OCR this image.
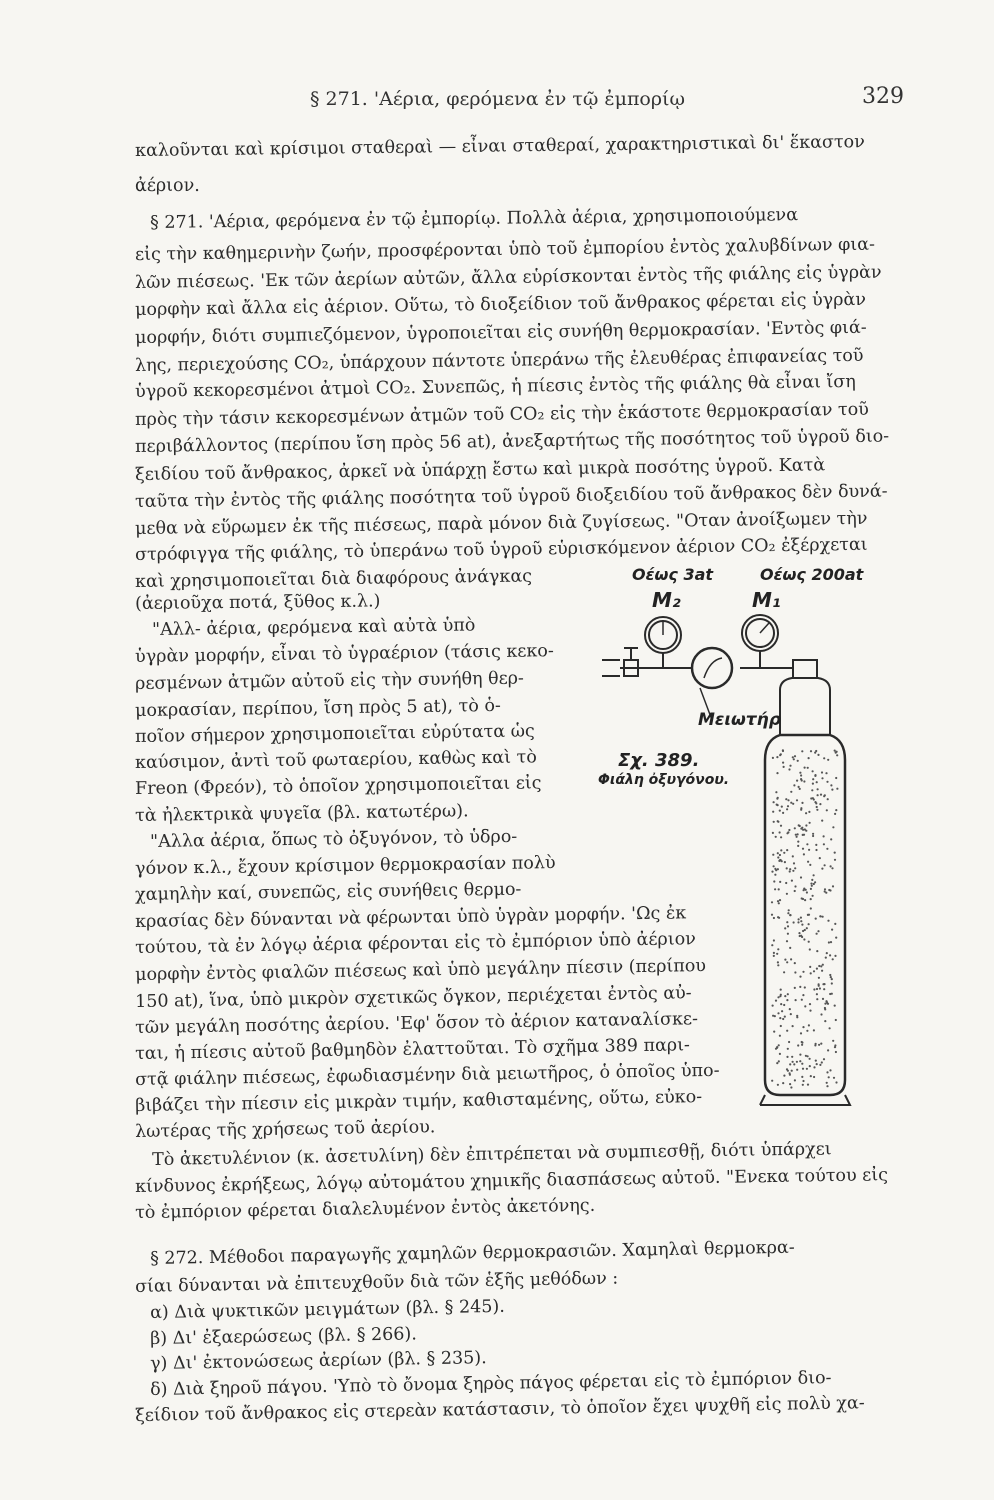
§ 271. 'Αέρια, φερόμενα ἐν τῷ ἐμπορίῳ	329
καλοῦνται καὶ κρίσιμοι σταθεραὶ — εἶναι σταθεραί, χαρακτηριστικαὶ δι' ἕκαστον
ἀέριον.
§ 271. 'Αέρια, φερόμενα ἐν τῷ ἐμπορίῳ. Πολλὰ ἀέρια, χρησιμοποιούμενα
εἰς τὴν καθημερινὴν ζωήν, προσφέρονται ὑπὸ τοῦ ἐμπορίου ἐντὸς χαλυβδίνων φια-
λῶν πιέσεως. 'Εκ τῶν ἀερίων αὐτῶν, ἄλλα εὑρίσκονται ἐντὸς τῆς φιάλης εἰς ὑγρὰν
μορφὴν καὶ ἄλλα εἰς ἀέριον. Οὕτω, τὸ διοξείδιον τοῦ ἄνθρακος φέρεται εἰς ὑγρὰν
μορφήν, διότι συμπιεζόμενον, ὑγροποιεῖται εἰς συνήθη θερμοκρασίαν. 'Εντὸς φιά-
λης, περιεχούσης CO₂, ὑπάρχουν πάντοτε ὑπεράνω τῆς ἐλευθέρας ἐπιφανείας τοῦ
ὑγροῦ κεκορεσμένοι ἀτμοὶ CO₂. Συνεπῶς, ἡ πίεσις ἐντὸς τῆς φιάλης θὰ εἶναι ἴση
πρὸς τὴν τάσιν κεκορεσμένων ἀτμῶν τοῦ CO₂ εἰς τὴν ἑκάστοτε θερμοκρασίαν τοῦ
περιβάλλοντος (περίπου ἴση πρὸς 56 at), ἀνεξαρτήτως τῆς ποσότητος τοῦ ὑγροῦ διο-
ξειδίου τοῦ ἄνθρακος, ἀρκεῖ νὰ ὑπάρχῃ ἔστω καὶ μικρὰ ποσότης ὑγροῦ. Κατὰ
ταῦτα τὴν ἐντὸς τῆς φιάλης ποσότητα τοῦ ὑγροῦ διοξειδίου τοῦ ἄνθρακος δὲν δυνά-
μεθα νὰ εὕρωμεν ἐκ τῆς πιέσεως, παρὰ μόνον διὰ ζυγίσεως. "Οταν ἀνοίξωμεν τὴν
στρόφιγγα τῆς φιάλης, τὸ ὑπεράνω τοῦ ὑγροῦ εὑρισκόμενον ἀέριον CO₂ ἐξέρχεται
καὶ χρησιμοποιεῖται διὰ διαφόρους ἀνάγκας
(ἀεριοῦχα ποτά, ξῦθος κ.λ.)
"Αλλ- ἀέρια, φερόμενα καὶ αὐτὰ ὑπὸ
ὑγρὰν μορφήν, εἶναι τὸ ὑγραέριον (τάσις κεκο-
ρεσμένων ἀτμῶν αὐτοῦ εἰς τὴν συνήθη θερ-
μοκρασίαν, περίπου, ἴση πρὸς 5 at), τὸ ὁ-
ποῖον σήμερον χρησιμοποιεῖται εὐρύτατα ὡς
καύσιμον, ἀντὶ τοῦ φωταερίου, καθὼς καὶ τὸ
Freon (Φρεόν), τὸ ὁποῖον χρησιμοποιεῖται εἰς
τὰ ἠλεκτρικὰ ψυγεῖα (βλ. κατωτέρω).
"Αλλα ἀέρια, ὅπως τὸ ὀξυγόνον, τὸ ὑδρο-
γόνον κ.λ., ἔχουν κρίσιμον θερμοκρασίαν πολὺ
χαμηλὴν καί, συνεπῶς, εἰς συνήθεις θερμο-
κρασίας δὲν δύνανται νὰ φέρωνται ὑπὸ ὑγρὰν μορφήν. 'Ως ἐκ
τούτου, τὰ ἐν λόγῳ ἀέρια φέρονται εἰς τὸ ἐμπόριον ὑπὸ ἀέριον
μορφὴν ἐντὸς φιαλῶν πιέσεως καὶ ὑπὸ μεγάλην πίεσιν (περίπου
150 at), ἵνα, ὑπὸ μικρὸν σχετικῶς ὄγκον, περιέχεται ἐντὸς αὐ-
τῶν μεγάλη ποσότης ἀερίου. 'Εφ' ὅσον τὸ ἀέριον καταναλίσκε-
ται, ἡ πίεσις αὐτοῦ βαθμηδὸν ἐλαττοῦται. Τὸ σχῆμα 389 παρι-
στᾷ φιάλην πιέσεως, ἐφωδιασμένην διὰ μειωτῆρος, ὁ ὁποῖος ὑπο-
βιβάζει τὴν πίεσιν εἰς μικρὰν τιμήν, καθισταμένης, οὕτω, εὐκο-
λωτέρας τῆς χρήσεως τοῦ ἀερίου.
Τὸ ἀκετυλένιον (κ. ἀσετυλίνη) δὲν ἐπιτρέπεται νὰ συμπιεσθῇ, διότι ὑπάρχει
κίνδυνος ἐκρήξεως, λόγῳ αὐτομάτου χημικῆς διασπάσεως αὐτοῦ. "Ενεκα τούτου εἰς
τὸ ἐμπόριον φέρεται διαλελυμένον ἐντὸς ἀκετόνης.
§ 272. Μέθοδοι παραγωγῆς χαμηλῶν θερμοκρασιῶν. Χαμηλαὶ θερμοκρα-
σίαι δύνανται νὰ ἐπιτευχθοῦν διὰ τῶν ἑξῆς μεθόδων :
α) Διὰ ψυκτικῶν μειγμάτων (βλ. § 245).
β) Δι' ἐξαερώσεως (βλ. § 266).
γ) Δι' ἐκτονώσεως ἀερίων (βλ. § 235).
δ) Διὰ ξηροῦ πάγου. 'Υπὸ τὸ ὄνομα ξηρὸς πάγος φέρεται εἰς τὸ ἐμπόριον διο-
ξείδιον τοῦ ἄνθρακος εἰς στερεὰν κατάστασιν, τὸ ὁποῖον ἔχει ψυχθῆ εἰς πολὺ χα-
Οέως 3at	Οέως 200at
M₂	M₁
Μειωτήρ
Σχ. 389.
Φιάλη ὀξυγόνου.
